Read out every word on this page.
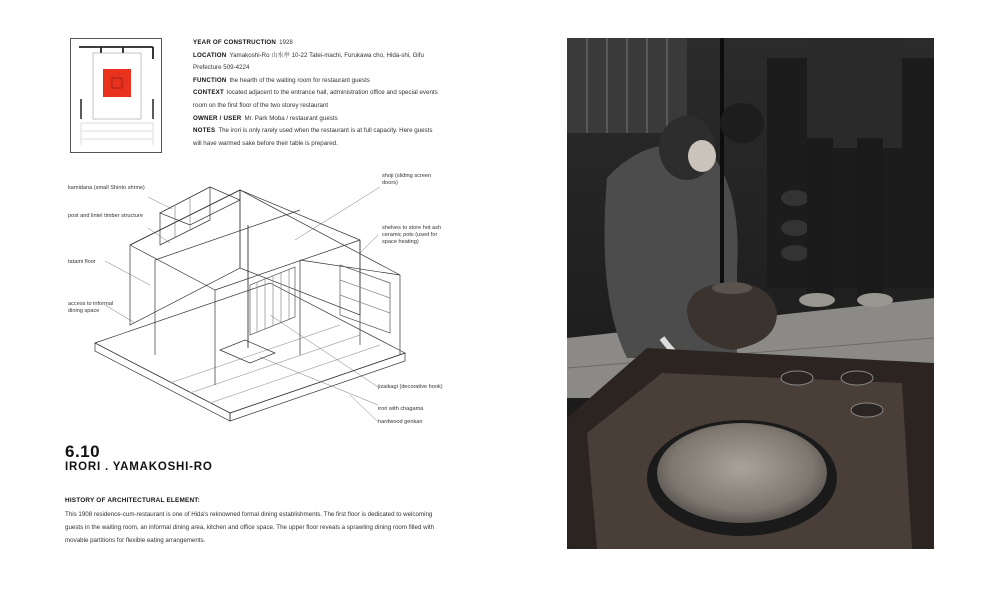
YEAR OF CONSTRUCTION 1928

LOCATION Yamakoshi-Ro 山水亭 10-22 Tatei-machi, Furukawa cho, Hida-shi, Gifu Prefecture 509-4224

FUNCTION the hearth of the waiting room for restaurant guests

CONTEXT located adjacent to the entrance hall, administration office and special events room on the first floor of the two storey restaurant

OWNER / USER Mr. Park Moba / restaurant guests

NOTES The irori is only rarely used when the restaurant is at full capacity. Here guests will have warmed sake before their table is prepared.

kamidana (small Shinto shrine)
post and lintel timber structure
tatami floor
access to informal dining space
shoji (sliding screen doors)
shelves to store hot ash ceramic pots (used for space heating)
jizaikagi (decorative hook)
irori with chagama
hardwood genkan
6.10
IRORI . YAMAKOSHI-RO
HISTORY OF ARCHITECTURAL ELEMENT:
This 1908 residence-cum-restaurant is one of Hida's reknowned formal dining establishments. The first floor is dedicated to welcoming guests in the waiting room, an informal dining area, kitchen and office space. The upper floor reveals a sprawling dining room filled with movable partitions for flexible eating arrangements.
